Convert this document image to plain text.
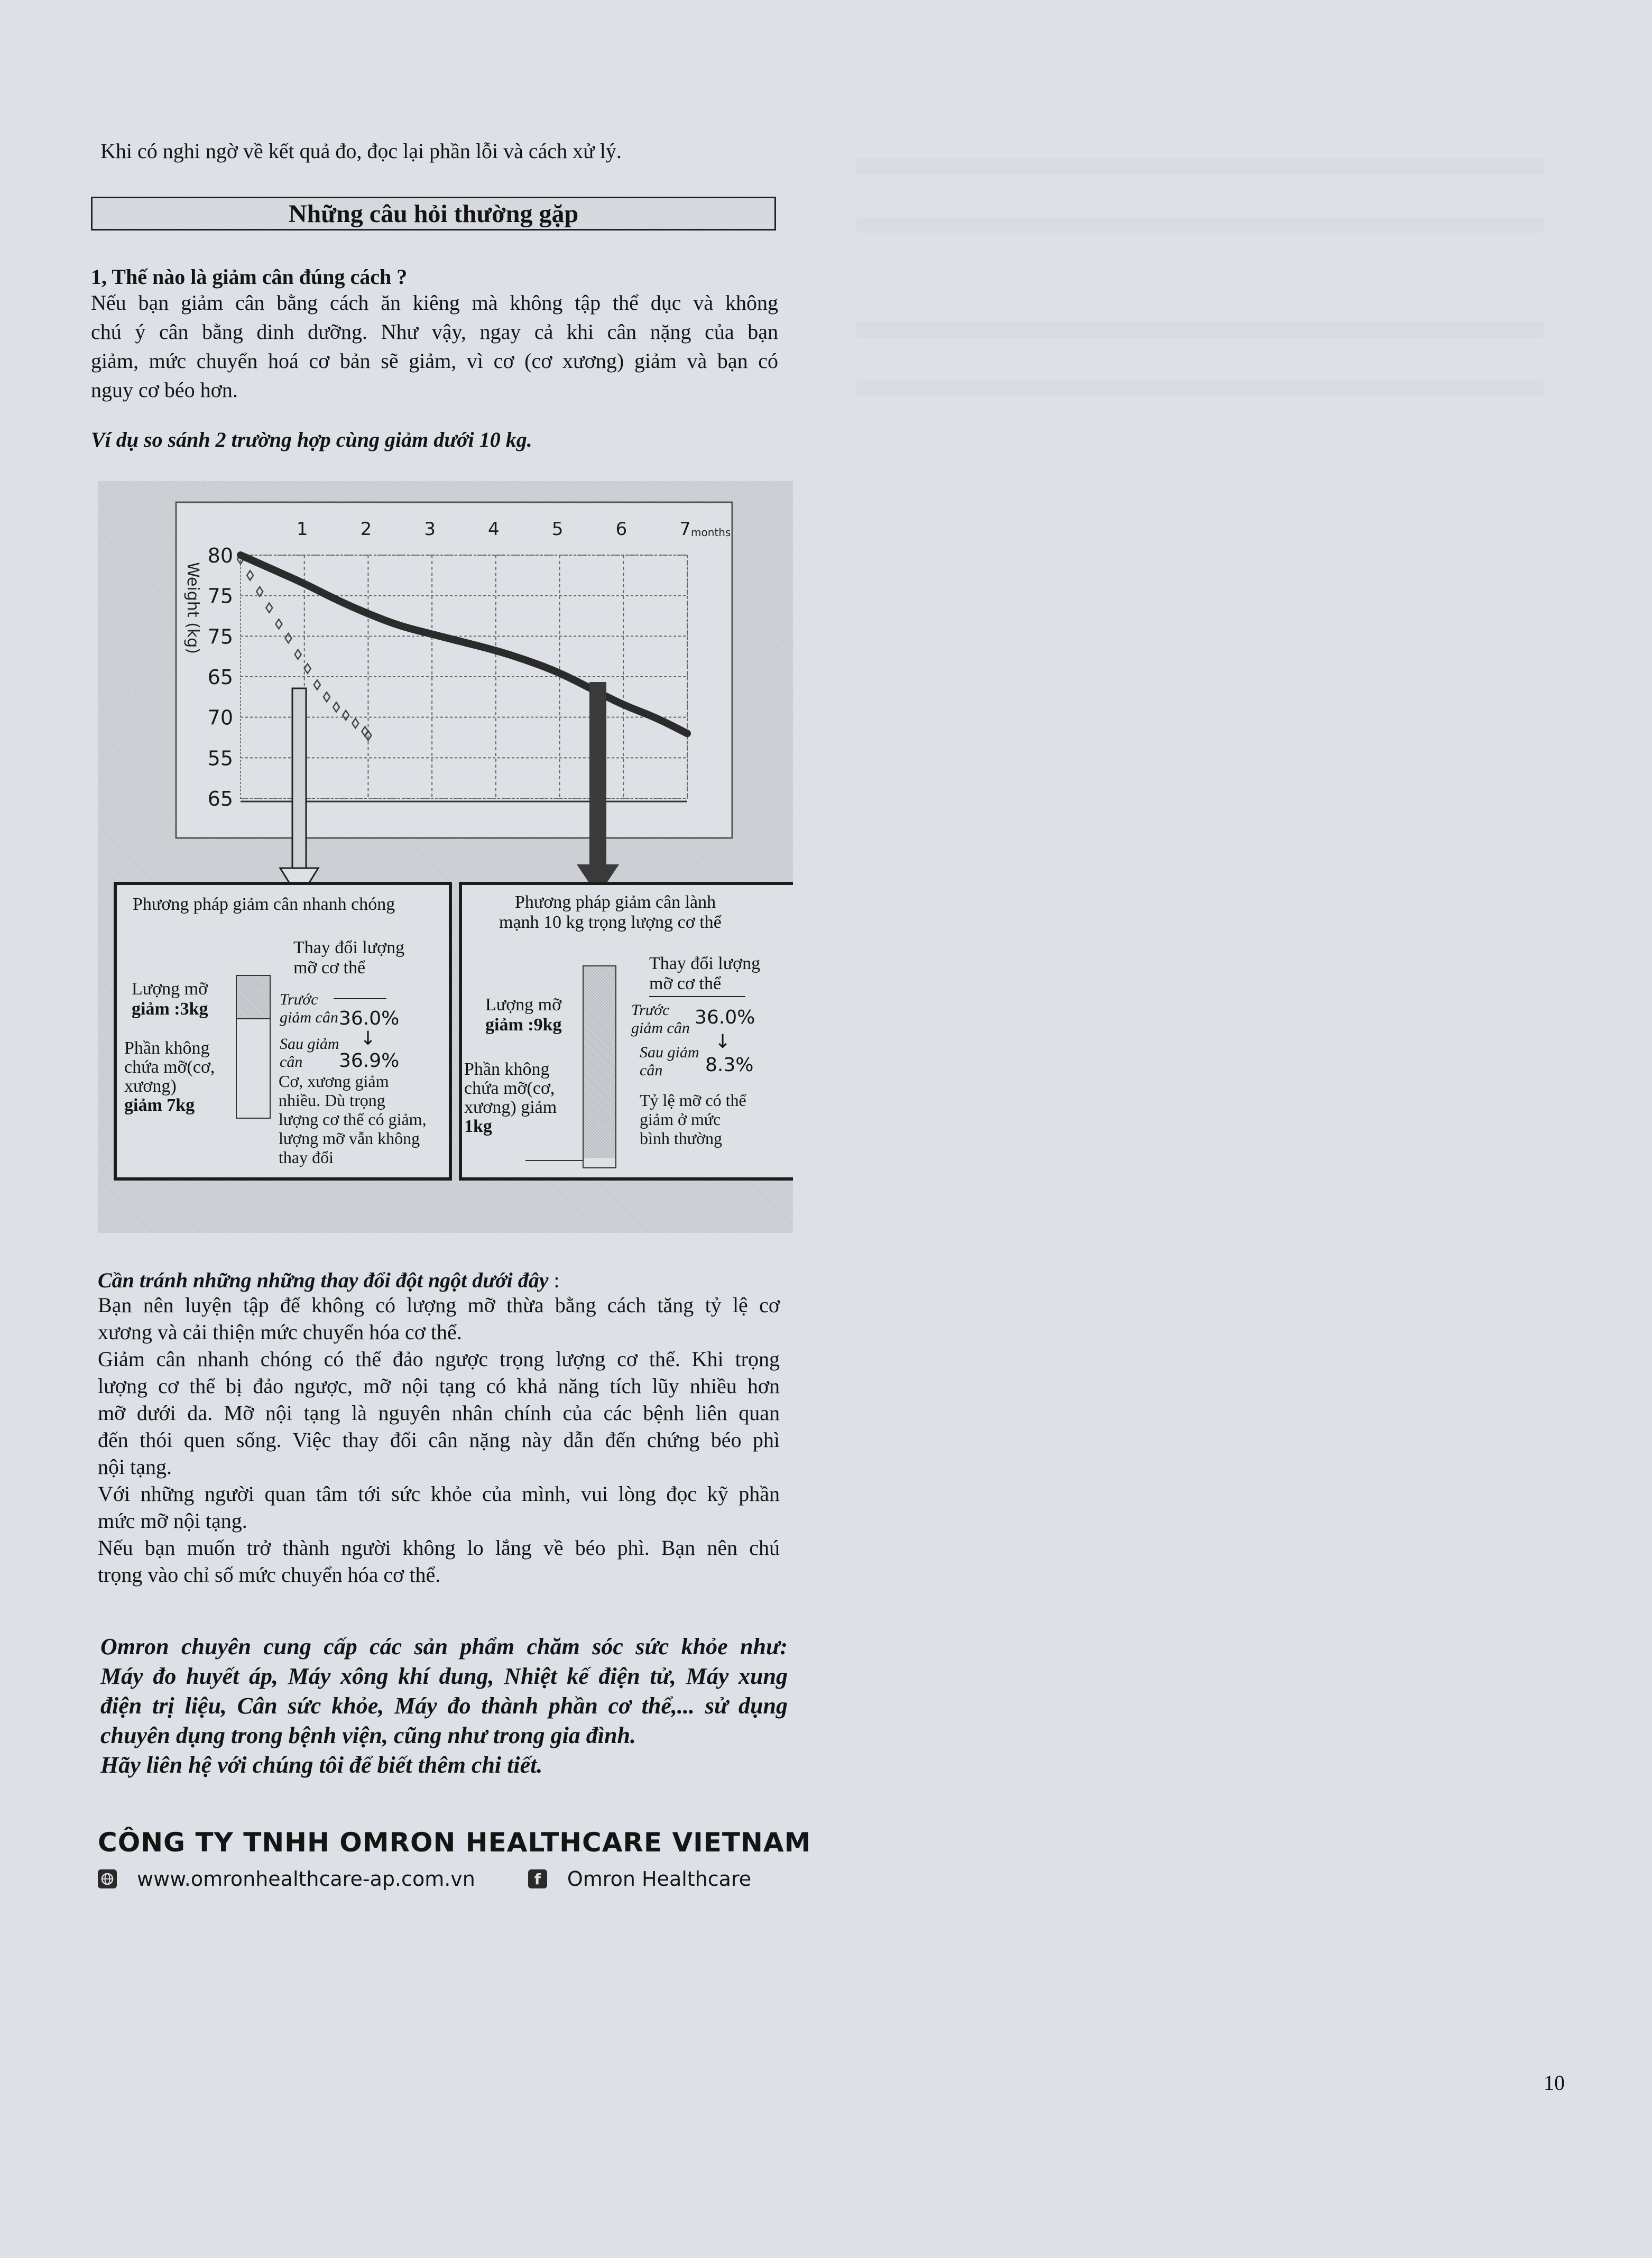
Khi có nghi ngờ về kết quả đo, đọc lại phần lỗi và cách xử lý.
Những câu hỏi thường gặp
1, Thế nào là giảm cân đúng cách ?
Nếu bạn giảm cân bằng cách ăn kiêng mà không tập thể dục và không
chú ý cân bằng dinh dưỡng. Như vậy, ngay cả khi cân nặng của bạn
giảm, mức chuyển hoá cơ bản sẽ giảm, vì cơ (cơ xương) giảm và bạn có
nguy cơ béo hơn.
Ví dụ so sánh 2 trường hợp cùng giảm dưới 10 kg.
80
75
75
65
70
55
65
1	2	3	4	5	6	7
Weight (kg)
months
Phương pháp giảm cân nhanh chóng
Thay đổi lượng
mỡ cơ thể
Lượng mỡ
giảm :3kg	Trước
giảm cân 36.0%
↓
Sau giảm
cân 36.9%
Phần không
chứa mỡ(cơ,
xương)
giảm 7kg
Cơ, xương giảm
nhiều. Dù trọng
lượng cơ thể có giảm,
lượng mỡ vẫn không
thay đổi
Phương pháp giảm cân lành
mạnh 10 kg trọng lượng cơ thể
Thay đổi lượng
mỡ cơ thể
Lượng mỡ
giảm :9kg
Trước
giảm cân 36.0%
↓
Sau giảm
cân 8.3%
Phần không
chứa mỡ(cơ,
xương) giảm
1kg
Tỷ lệ mỡ có thể
giảm ở mức
bình thường
Cần tránh những những thay đổi đột ngột dưới đây :
Bạn nên luyện tập để không có lượng mỡ thừa bằng cách tăng tỷ lệ cơ
xương và cải thiện mức chuyển hóa cơ thể.
Giảm cân nhanh chóng có thể đảo ngược trọng lượng cơ thể. Khi trọng
lượng cơ thể bị đảo ngược, mỡ nội tạng có khả năng tích lũy nhiều hơn
mỡ dưới da. Mỡ nội tạng là nguyên nhân chính của các bệnh liên quan
đến thói quen sống. Việc thay đổi cân nặng này dẫn đến chứng béo phì
nội tạng.
Với những người quan tâm tới sức khỏe của mình, vui lòng đọc kỹ phần
mức mỡ nội tạng.
Nếu bạn muốn trở thành người không lo lắng về béo phì. Bạn nên chú
trọng vào chỉ số mức chuyển hóa cơ thể.
Omron chuyên cung cấp các sản phẩm chăm sóc sức khỏe như:
Máy đo huyết áp, Máy xông khí dung, Nhiệt kế điện tử, Máy xung
điện trị liệu, Cân sức khỏe, Máy đo thành phần cơ thể,... sử dụng
chuyên dụng trong bệnh viện, cũng như trong gia đình.
Hãy liên hệ với chúng tôi để biết thêm chi tiết.
CÔNG TY TNHH OMRON HEALTHCARE VIETNAM
www.omronhealthcare-ap.com.vn	f	Omron Healthcare
10
